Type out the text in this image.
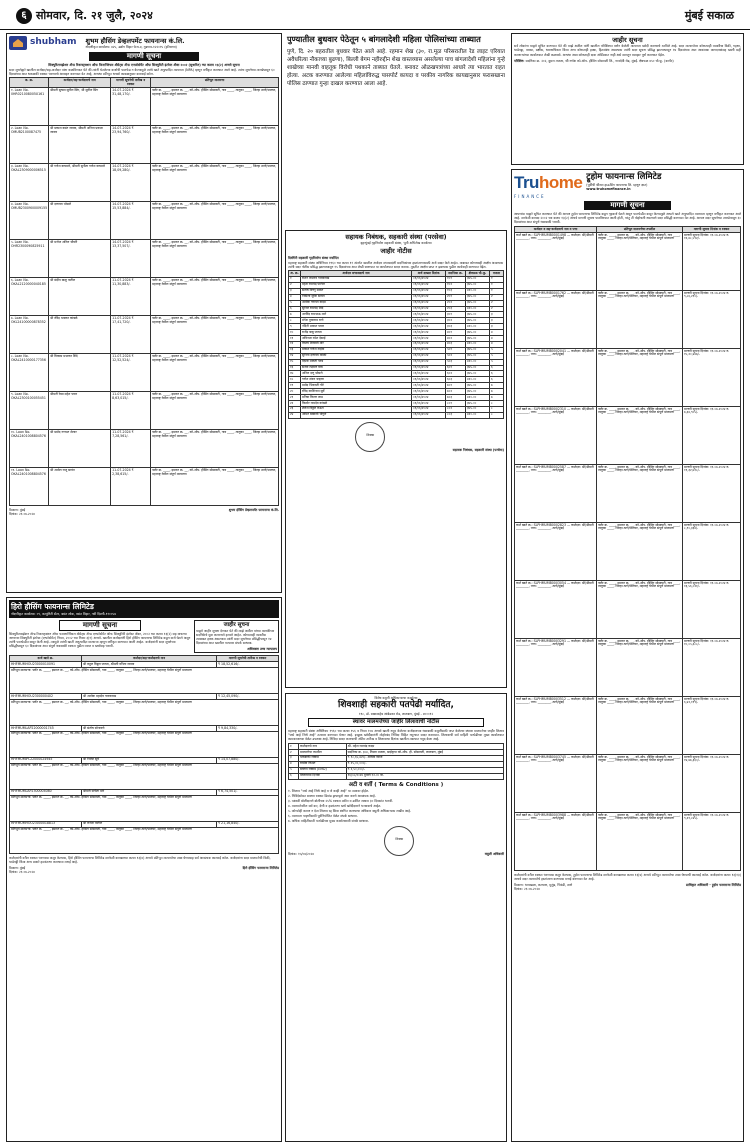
६ सोमवार, दि. २१ जुलै, २०२४	मुंबई सकाळ
shubham शुभम हौसिंग डेव्हलपमेंट फायनान्स कं.लि.
नोंदणीकृत कार्यालय: ४२५, उद्योग विहार फेज-४, गुडगाव-१२२०१५ (हरियाणा)
मागणी सूचना
सिक्युरिटायझेशन ॲन्ड रिकन्स्ट्रक्शन ऑफ फिनान्शियल ॲसेट्स ॲन्ड एनफोर्समेंट ऑफ सिक्युरिटी इंटरेस्ट ॲक्ट २००२ (सुधारित) च्या कलम १३(२) अन्वये सूचना
सदर सूचनेद्वारे खालील कर्जदार/सह-कर्जदार यांना कळविण्यात येते की त्यांनी घेतलेल्या कर्जाची परतफेड न केल्यामुळे त्यांचे खाते अनुत्पादित मालमत्ता (NPA) म्हणून वर्गीकृत करण्यात आले आहे. त्यांना सूचनेच्या तारखेपासून ६० दिवसांच्या आत थकबाकी रक्कम भरण्याचे आवाहन करण्यात येत आहे, अन्यथा प्रतिभूत धनको कायद्यानुसार कारवाई करेल.
अ. क्र.	कर्जदार/सह-कर्जदाराचे नाव	मागणी सूचनेची तारीख व रक्कम	प्रतिभूत मालमत्ता
१. Loan No. 0HR021008005X161	श्रीमती सुषमा सुनील सिंग, श्री सुनील सिंग	14-07-2024 ₹ 31,48,170/-	फ्लॅट क्र. ____, इमारत क्र. __, को-ऑप. हौसिंग सोसायटी, गाव ____, तालुका ____, जिल्हा ठाणे/पालघर, महाराष्ट्र येथील संपूर्ण मालमत्ता
२. Loan No. OMUB2100087475	श्री प्रकाश वसंत जाधव, श्रीमती अनिता प्रकाश जाधव	14-07-2024 ₹ 23,94,760/-	फ्लॅट क्र. ____, इमारत क्र. __, को-ऑप. हौसिंग सोसायटी, गाव ____, तालुका ____, जिल्हा ठाणे/पालघर, महाराष्ट्र येथील संपूर्ण मालमत्ता
३. Loan No. OKAL2309000006515	श्री गणेश वाघमारे, श्रीमती सुनीता गणेश वाघमारे	14-07-2024 ₹ 18,09,280/-	फ्लॅट क्र. ____, इमारत क्र. __, को-ऑप. हौसिंग सोसायटी, गाव ____, तालुका ____, जिल्हा ठाणे/पालघर, महाराष्ट्र येथील संपूर्ण मालमत्ता
४. Loan No. OMUB2300900009155	श्री दत्तात्रय भोसले	14-07-2024 ₹ 15,53,884/-	फ्लॅट क्र. ____, इमारत क्र. __, को-ऑप. हौसिंग सोसायटी, गाव ____, तालुका ____, जिल्हा ठाणे/पालघर, महाराष्ट्र येथील संपूर्ण मालमत्ता
५. Loan No. OHR2300090825911	श्री मनोज अनिल चौधरी	14-07-2024 ₹ 13,37,507/-	फ्लॅट क्र. ____, इमारत क्र. __, को-ऑप. हौसिंग सोसायटी, गाव ____, तालुका ____, जिल्हा ठाणे/पालघर, महाराष्ट्र येथील संपूर्ण मालमत्ता
६. Loan No. OKAL2120000040185	श्री संदीप बाळू पाटील	11-07-2024 ₹ 11,30,883/-	फ्लॅट क्र. ____, इमारत क्र. __, को-ऑप. हौसिंग सोसायटी, गाव ____, तालुका ____, जिल्हा ठाणे/पालघर, महाराष्ट्र येथील संपूर्ण मालमत्ता
७. Loan No. OKL24100000878352	श्री रविंद्र भास्कर कांबळे	11-07-2024 ₹ 17,41,720/-	फ्लॅट क्र. ____, इमारत क्र. __, को-ऑप. हौसिंग सोसायटी, गाव ____, तालुका ____, जिल्हा ठाणे/पालघर, महाराष्ट्र येथील संपूर्ण मालमत्ता
८. Loan No. OKAL2410000177356	श्री विकास प्रभाकर शिंदे	11-07-2024 ₹ 12,52,524/-	फ्लॅट क्र. ____, इमारत क्र. __, को-ऑप. हौसिंग सोसायटी, गाव ____, तालुका ____, जिल्हा ठाणे/पालघर, महाराष्ट्र येथील संपूर्ण मालमत्ता
९. Loan No. OKAL2300100055451	श्रीमती रेखा महेश पवार	11-07-2024 ₹ 8,63,015/-	फ्लॅट क्र. ____, इमारत क्र. __, को-ऑप. हौसिंग सोसायटी, गाव ____, तालुका ____, जिल्हा ठाणे/पालघर, महाराष्ट्र येथील संपूर्ण मालमत्ता
१०. Loan No. OKAL2401008804576	श्री प्रमोद गणपत शेलार	11-07-2024 ₹ 7,28,561/-	फ्लॅट क्र. ____, इमारत क्र. __, को-ऑप. हौसिंग सोसायटी, गाव ____, तालुका ____, जिल्हा ठाणे/पालघर, महाराष्ट्र येथील संपूर्ण मालमत्ता
११. Loan No. OKAL2401008804576	श्री अमोल राजू सावंत	11-07-2024 ₹ 2,38,615/-	फ्लॅट क्र. ____, इमारत क्र. __, को-ऑप. हौसिंग सोसायटी, गाव ____, तालुका ____, जिल्हा ठाणे/पालघर, महाराष्ट्र येथील संपूर्ण मालमत्ता
ठिकाण: मुंबई
दिनांक: २१.०७.२०२४
शुभम हौसिंग डेव्हलपमेंट फायनान्स कं.लि.
हिरो हौसिंग फायनान्स लिमिटेड
नोंदणीकृत कार्यालय: ०९, कम्युनिटी सेंटर, बसंत लोक, वसंत विहार, नवी दिल्ली-११००५७
मागणी सूचना
सिक्युरिटायझेशन ॲन्ड रिकन्स्ट्रक्शन ऑफ फायनान्शियल ॲसेट्स ॲन्ड एनफोर्समेंट ऑफ सिक्युरिटी इंटरेस्ट ॲक्ट, २००२ च्या कलम १३(२) सह वाचल्या जाणाऱ्या सिक्युरिटी इंटरेस्ट (एन्फोर्समेंट) नियम, २००२ च्या नियम ३(१) अन्वये. खालील कर्जदारांनी हिरो हौसिंग फायनान्स लिमिटेड कडून कर्ज घेतले असून त्यांनी परतफेडीत कसूर केली आहे. त्यामुळे त्यांची खाती अनुत्पादित मालमत्ता म्हणून वर्गीकृत करण्यात आली आहेत. कर्जदारांनी सदर सूचनेच्या प्रसिद्धीपासून ६० दिवसांच्या आत संपूर्ण थकबाकी रक्कम पुढील व्याज व खर्चासह भरावी.
जाहीर सूचना
याद्वारे जाहीर सूचना देण्यात येते की माझे अशील यांच्या मालकीच्या सदनिकेचे मूळ करारनामे हरवले आहेत. कोणत्याही व्यक्तीस त्याबाबत हक्क असल्यास त्यांनी सदर सूचनेच्या प्रसिद्धीपासून १४ दिवसांच्या आत खालील पत्त्यावर संपर्क साधावा.
अधिवक्ता उच्च न्यायालय
कर्ज खाते क्र.	कर्जदार/सह-कर्जदाराचे नाव	मागणी सूचनेची तारीख व रक्कम
HHFMUMHOU23000010091	श्री राहुल विठ्ठल जाधव, श्रीमती वनिता जाधव	₹ 18,52,616/-
प्रतिभूत मालमत्ता: फ्लॅट क्र. ____, इमारत क्र. __, को-ऑप. हौसिंग सोसायटी, गाव ____, तालुका ____, जिल्हा ठाणे/पालघर, महाराष्ट्र येथील संपूर्ण मालमत्ता		
HHFMUMHOU2300000402	श्री अशोक महादेव गायकवाड	₹ 12,45,090/-
प्रतिभूत मालमत्ता: फ्लॅट क्र. ____, इमारत क्र. __, को-ऑप. हौसिंग सोसायटी, गाव ____, तालुका ____, जिल्हा ठाणे/पालघर, महाराष्ट्र येथील संपूर्ण मालमत्ता		
HHFMUMLAP22000001745	श्री संतोष सोनावणे	₹ 9,84,330/-
प्रतिभूत मालमत्ता: फ्लॅट क्र. ____, इमारत क्र. __, को-ऑप. हौसिंग सोसायटी, गाव ____, तालुका ____, जिल्हा ठाणे/पालघर, महाराष्ट्र येथील संपूर्ण मालमत्ता		
HHFMUMIPL22000024945	श्री निलेश सुर्वे	₹ 14,07,880/-
प्रतिभूत मालमत्ता: फ्लॅट क्र. ____, इमारत क्र. __, को-ऑप. हौसिंग सोसायटी, गाव ____, तालुका ____, जिल्हा ठाणे/पालघर, महाराष्ट्र येथील संपूर्ण मालमत्ता		
HHFMUMLAP2300004080	श्रीमती संगीता मोरे	₹ 6,74,501/-
प्रतिभूत मालमत्ता: फ्लॅट क्र. ____, इमारत क्र. __, को-ऑप. हौसिंग सोसायटी, गाव ____, तालुका ____, जिल्हा ठाणे/पालघर, महाराष्ट्र येथील संपूर्ण मालमत्ता		
HHFMUMHOU23000018813	श्री राजेश पाटील	₹ 21,16,840/-
प्रतिभूत मालमत्ता: फ्लॅट क्र. ____, इमारत क्र. __, को-ऑप. हौसिंग सोसायटी, गाव ____, तालुका ____, जिल्हा ठाणे/पालघर, महाराष्ट्र येथील संपूर्ण मालमत्ता		
कर्जदारांनी वरील रक्कम भरण्यास कसूर केल्यास, हिरो हौसिंग फायनान्स लिमिटेड सरफेसी कायद्याच्या कलम १३(४) अन्वये प्रतिभूत मालमत्तेचा ताबा घेण्यासह सर्व आवश्यक कारवाई करेल. कर्जदारांना सदर मालमत्तेची विक्री, भाडेपट्टी किंवा अन्य प्रकारे हस्तांतरण करण्यास मनाई आहे.
ठिकाण: मुंबई
दिनांक: २१.०७.२०२४
हिरो हौसिंग फायनान्स लिमिटेड
पुण्यातील बुधवार पेठेतून ५ बांगलादेशी महिला पोलिसांच्या ताब्यात
पुणे, दि. २० बहरातील बुधवार पेठेत आले आहे. रहमान शेख (३०, रा.मूळ परिसरातील रेड लाइट एरियात अवैधरित्या नौकाच्या बुढणा), बिल्ली बेगम नहीरुद्दीन शेख वास्तव्यास असलेल्या पाच बांगलादेशी महिलांना गुन्हे शाखेच्या मानवी वाहतूक विरोधी पथकाने ताब्यात घेतले. बनावट ओळखपत्रांच्या आधारे त्या भारतात राहत होत्या. अटक करण्यात आलेल्या महिलांविरुद्ध पासपोर्ट कायदा व परकीय नागरिक कायद्यानुसार फरासखाना पोलिस ठाण्यात गुन्हा दाखल करण्यात आला आहे.
सहायक निबंधक, सहकारी संस्था (परसेवा)
बृहन्मुंबई गृहनिर्माण सहकारी संस्था, भूमी अभिलेख कार्यालय
जाहीर नोटीस
दिवंगिरी सहकारी गृहनिर्माण संस्था मर्यादित
महाराष्ट्र सहकारी संस्था अधिनियम १९६० च्या कलम ११ अंतर्गत खालील अर्जदार सभासदांनी सदनिकांच्या हस्तांतरणासाठी अर्ज सादर केले आहेत. याबाबत कोणाचाही आक्षेप असल्यास त्यांनी सदर नोटीस प्रसिद्ध झाल्यापासून १५ दिवसांच्या आत लेखी स्वरूपात या कार्यालयात सादर करावा. मुदतीत आक्षेप प्राप्त न झाल्यास पुढील कार्यवाही करण्यात येईल.
अ. क्र.	अर्जदार सभासदाचे नाव	अर्ज दाखल दिनांक	सदनिका क्र.	क्षेत्रफळ चौ.फू.	मजला
१	रोशन रामराव गायकवाड	०१/०६/२०२४	१०१	३७५.००	१
२	महेश रामचंद्र पाटील	०१/०६/२०२४	१०२	३७५.००	१
३	संतोष विष्णू सावंत	०१/०६/२०२४	१०३	४२०.००	१
४	निर्मिला सुरेश सावंत	०१/०६/२०२४	२०१	३७५.००	२
५	अशोक गणपत कदम	०१/०६/२०२४	२०२	३७५.००	२
६	सुनिल रामचंद्र शिंदे	०१/०६/२०२४	२०३	४२०.००	२
७	अरविंद रामभाऊ माने	०१/०६/२०२४	३०१	३७५.००	३
८	मंगेश तुकाराम राणे	०१/०६/२०२४	३०२	३७५.००	३
९	नंदिनी प्रकाश पवार	०१/०६/२०२४	३०३	४२०.००	३
१०	राजेंद्र बाबू जाधव	०१/०६/२०२४	४०१	३७५.००	४
११	अविनाश रमेश देसाई	०१/०६/२०२४	४०२	३७५.००	४
१२	विजय शिवाजी मोरे	०१/०६/२०२४	४०३	४२०.००	४
१३	प्रकाश गणेश नाईक	०१/०६/२०२४	५०१	३७५.००	५
१४	सुनिता दत्तात्रय कोळी	०१/०६/२०२४	५०२	३७५.००	५
१५	दिपक मारुती परब	०१/०६/२०२४	५०३	४२०.००	५
१६	संजय लक्ष्मण वाघ	०१/०६/२०२४	६०१	३७५.००	६
१७	अनिल दत्तू भोसले	०१/०६/२०२४	६०२	३७५.००	६
१८	गणेश शंकर चव्हाण	०१/०६/२०२४	६०३	४२०.००	६
१९	प्रमोद भिकाजी गोरे	०१/०६/२०२४	७०१	३७५.००	७
२०	रविंद्र काशिनाथ सुर्वे	०१/०६/२०२४	७०२	३७५.००	७
२१	मनिषा किरण लाड	०१/०६/२०२४	७०३	४२०.००	७
२२	किशोर नामदेव कांबळे	०१/०६/२०२४	८०१	३७५.००	८
२३	शैलेश विठ्ठल राऊत	०१/०६/२०२४	८०२	३७५.००	८
२४	अमित बाबाजी चौगुले	०१/०६/२०२४	८०३	४२०.००	८
शिक्का
सहायक निबंधक, सहकारी संस्था (परसेवा)
विशेष वसुली अधिकाऱ्याचा कार्यालय
शिवशाही सहकारी पतपेढी मर्यादित,
११८, डॉ. बाबासाहेब आंबेडकर रोड, लालबाग, मुंबई - ४०००१२
स्थावर मालमत्तेच्या जाहीर लिलावाची नोटीस
महाराष्ट्र सहकारी संस्था अधिनियम १९६० च्या कलम १५६ व नियम १०७ अन्वये खाली नमूद केलेल्या कर्जदाराच्या थकबाकी वसुलीसाठी जप्त केलेल्या स्थावर मालमत्तेचा जाहीर लिलाव "जसे आहे जिथे आहे" तत्वावर करण्यात येणार आहे. इच्छुक खरेदीदारांनी मोहोरबंद निविदा विहित नमुन्यात सादर कराव्यात. लिलावाची सर्व माहिती पतपेढीच्या मुख्य कार्यालयात कामकाजाच्या वेळेत उपलब्ध आहे. निविदा सादर करण्याची अंतिम तारीख व लिलावाचा दिनांक खालील तक्त्यात नमूद केला आहे.
१	कर्जदाराचे नाव	श्री. महेश रामचंद्र कदम
२	मालमत्तेचा तपशील	सदनिका क्र. ३०४, तिसरा मजला, साईकृपा को-ऑप. हौ. सोसायटी, लालबाग, मुंबई
३	थकबाकी रक्कम	₹ १८,६५,४२०/- अधिक व्याज
४	राखीव किंमत	₹ २५,००,०००/-
५	बयाणा रक्कम (EMD)	₹ २,५०,०००/-
६	लिलावाचा दिनांक	१६/०८/२०२४ दुपारी १२.०० वा.
अटी व शर्ती ( Terms & Conditions )

१. लिलाव "जसे आहे जिथे आहे व जे काही आहे" या तत्वावर होईल.

२. निविदेसोबत बयाणा रक्कम डिमांड ड्राफ्टद्वारे जमा करणे आवश्यक आहे.

३. यशस्वी बोलीदाराने बोलीच्या २५% रक्कम त्वरित व उर्वरित रक्कम ३० दिवसांत भरावी.

४. मालमत्तेवरील सर्व कर, देणी व हस्तांतरण खर्च खरेदीदाराने भरावयाचे आहेत.

५. कोणतेही कारण न देता लिलाव रद्द किंवा स्थगित करण्याचा अधिकार वसुली अधिकाऱ्यास राखीव आहे.

६. मालमत्ता पाहणीसाठी पूर्वनियोजित वेळेत संपर्क साधावा.

७. अधिक माहितीसाठी पतपेढीच्या मुख्य कार्यालयाशी संपर्क साधावा.

दिनांक: १५/०७/२०२४
शिक्का
वसुली अधिकारी
जाहीर सूचना
सर्व लोकांना याद्वारे सूचित करण्यात येते की माझे अशील यांनी खालील परिशिष्टात वर्णन केलेली मालमत्ता खरेदी करण्याचे ठरविले आहे. सदर मालमत्तेवर कोणत्याही व्यक्तीचा विक्री, गहाण, भाडेपट्टा, वारसा, बक्षीस, धारणाधिकार किंवा अन्य कोणताही हक्क, हितसंबंध असल्यास त्यांनी सदर सूचना प्रसिद्ध झाल्यापासून १४ दिवसांच्या आत आवश्यक कागदपत्रांसह खाली सही करणाऱ्यांच्या कार्यालयात लेखी कळवावे. अन्यथा असा कोणताही दावा अस्तित्वात नाही असे समजून व्यवहार पूर्ण करण्यात येईल.
परिशिष्ट: सदनिका क्र. २०२, दुसरा मजला, श्री गणेश को-ऑप. हौसिंग सोसायटी लि., गावदेवी रोड, मुंबई. क्षेत्रफळ ४५० चौ.फू. (कार्पेट)
Truhome
FINANCE
ट्रूहोम फायनान्स लिमिटेड
(पूर्वीची श्रीराम हाऊसिंग फायनान्स लि. म्हणून ज्ञात)
www.truhomefinance.in
मागणी सूचना
आपणांस याद्वारे सूचित करण्यात येते की आपण ट्रूहोम फायनान्स लिमिटेड कडून गृहकर्ज घेतले असून परतफेडीत कसूर केल्यामुळे आपले खाते अनुत्पादित मालमत्ता म्हणून वर्गीकृत करण्यात आले आहे. सरफेसी कायदा २००२ च्या कलम १३(२) अन्वये मागणी सूचना पाठविण्यात आली होती, परंतु ती पोहोचली नसल्याने सदर प्रसिद्धी करण्यात येत आहे. आपण सदर सूचनेच्या तारखेपासून ६० दिवसांच्या आत संपूर्ण थकबाकी भरावी.
कर्जदार व सह-कर्जदाराचे नाव व पत्ता	प्रतिभूत मालमत्तेचा तपशील	मागणी सूचना दिनांक व रक्कम
कर्ज खाते क्र.: SLPHMUMB0001498 — कर्जदार: श्री/श्रीमती ________, पत्ता: ________, ठाणे/मुंबई	फ्लॅट क्र. ____, इमारत क्र. __, को-ऑप. हौसिंग सोसायटी, गाव ____, तालुका ____, जिल्हा ठाणे/पालघर, महाराष्ट्र येथील संपूर्ण मालमत्ता	मागणी सूचना दिनांक: ११.०७.२०२४ रु. १२,४८,५९२/-
कर्ज खाते क्र.: SLPHMUMB0001762 — कर्जदार: श्री/श्रीमती ________, पत्ता: ________, ठाणे/मुंबई	फ्लॅट क्र. ____, इमारत क्र. __, को-ऑप. हौसिंग सोसायटी, गाव ____, तालुका ____, जिल्हा ठाणे/पालघर, महाराष्ट्र येथील संपूर्ण मालमत्ता	मागणी सूचना दिनांक: ११.०७.२०२४ रु. ९,८६,२१०/-
कर्ज खाते क्र.: SLPHMUMB0002041 — कर्जदार: श्री/श्रीमती ________, पत्ता: ________, ठाणे/मुंबई	फ्लॅट क्र. ____, इमारत क्र. __, को-ऑप. हौसिंग सोसायटी, गाव ____, तालुका ____, जिल्हा ठाणे/पालघर, महाराष्ट्र येथील संपूर्ण मालमत्ता	मागणी सूचना दिनांक: ११.०७.२०२४ रु. १५,२०,४४७/-
कर्ज खाते क्र.: SLPHMUMB0002310 — कर्जदार: श्री/श्रीमती ________, पत्ता: ________, ठाणे/मुंबई	फ्लॅट क्र. ____, इमारत क्र. __, को-ऑप. हौसिंग सोसायटी, गाव ____, तालुका ____, जिल्हा ठाणे/पालघर, महाराष्ट्र येथील संपूर्ण मालमत्ता	मागणी सूचना दिनांक: ११.०७.२०२४ रु. ७,६४,९०५/-
कर्ज खाते क्र.: SLPHMUMB0002587 — कर्जदार: श्री/श्रीमती ________, पत्ता: ________, ठाणे/मुंबई	फ्लॅट क्र. ____, इमारत क्र. __, को-ऑप. हौसिंग सोसायटी, गाव ____, तालुका ____, जिल्हा ठाणे/पालघर, महाराष्ट्र येथील संपूर्ण मालमत्ता	मागणी सूचना दिनांक: ११.०७.२०२४ रु. ११,३२,७१८/-
कर्ज खाते क्र.: SLPHMUMB0002823 — कर्जदार: श्री/श्रीमती ________, पत्ता: ________, ठाणे/मुंबई	फ्लॅट क्र. ____, इमारत क्र. __, को-ऑप. हौसिंग सोसायटी, गाव ____, तालुका ____, जिल्हा ठाणे/पालघर, महाराष्ट्र येथील संपूर्ण मालमत्ता	मागणी सूचना दिनांक: ११.०७.२०२४ रु. ८,९०,३३४/-
कर्ज खाते क्र.: SLPHMUMB0003054 — कर्जदार: श्री/श्रीमती ________, पत्ता: ________, ठाणे/मुंबई	फ्लॅट क्र. ____, इमारत क्र. __, को-ऑप. हौसिंग सोसायटी, गाव ____, तालुका ____, जिल्हा ठाणे/पालघर, महाराष्ट्र येथील संपूर्ण मालमत्ता	मागणी सूचना दिनांक: ११.०७.२०२४ रु. १३,५६,०२१/-
कर्ज खाते क्र.: SLPHMUMB0003291 — कर्जदार: श्री/श्रीमती ________, पत्ता: ________, ठाणे/मुंबई	फ्लॅट क्र. ____, इमारत क्र. __, को-ऑप. हौसिंग सोसायटी, गाव ____, तालुका ____, जिल्हा ठाणे/पालघर, महाराष्ट्र येथील संपूर्ण मालमत्ता	मागणी सूचना दिनांक: ११.०७.२०२४ रु. १०,०५,६८८/-
कर्ज खाते क्र.: SLPHMUMB0003512 — कर्जदार: श्री/श्रीमती ________, पत्ता: ________, ठाणे/मुंबई	फ्लॅट क्र. ____, इमारत क्र. __, को-ऑप. हौसिंग सोसायटी, गाव ____, तालुका ____, जिल्हा ठाणे/पालघर, महाराष्ट्र येथील संपूर्ण मालमत्ता	मागणी सूचना दिनांक: ११.०७.२०२४ रु. ६,४२,११९/-
कर्ज खाते क्र.: SLPHMUMB0003745 — कर्जदार: श्री/श्रीमती ________, पत्ता: ________, ठाणे/मुंबई	फ्लॅट क्र. ____, इमारत क्र. __, को-ऑप. हौसिंग सोसायटी, गाव ____, तालुका ____, जिल्हा ठाणे/पालघर, महाराष्ट्र येथील संपूर्ण मालमत्ता	मागणी सूचना दिनांक: ११.०७.२०२४ रु. १४,७७,३६०/-
कर्ज खाते क्र.: SLPHMUMB0003988 — कर्जदार: श्री/श्रीमती ________, पत्ता: ________, ठाणे/मुंबई	फ्लॅट क्र. ____, इमारत क्र. __, को-ऑप. हौसिंग सोसायटी, गाव ____, तालुका ____, जिल्हा ठाणे/पालघर, महाराष्ट्र येथील संपूर्ण मालमत्ता	मागणी सूचना दिनांक: ११.०७.२०२४ रु. ९,२१,८४५/-
कर्जदारांनी वरील रक्कम भरण्यास कसूर केल्यास, ट्रूहोम फायनान्स लिमिटेड सरफेसी कायद्याच्या कलम १३(४) अन्वये प्रतिभूत मालमत्तेचा ताबा घेण्याची कारवाई करेल. कर्जदारांना कलम १३(१३) अन्वये सदर मालमत्तेचे हस्तांतरण करण्यास मनाई करण्यात येत आहे.
ठिकाण: भायखळा, कल्याण, मुलुंड, भिवंडी, ठाणे
दिनांक: २१.०७.२०२४
प्राधिकृत अधिकारी - ट्रूहोम फायनान्स लिमिटेड
